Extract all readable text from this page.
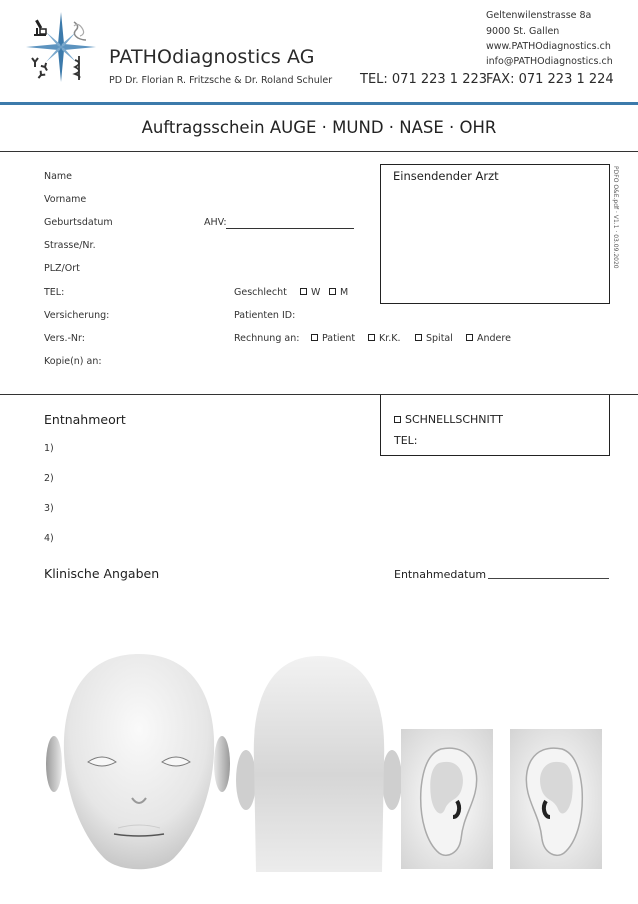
PATHOdiagnostics AG
PD Dr. Florian R. Fritzsche & Dr. Roland Schuler
Geltenwilenstrasse 8a
9000 St. Gallen
www.PATHOdiagnostics.ch
info@PATHOdiagnostics.ch
TEL: 071 223 1 223
FAX: 071 223 1 224
Auftragsschein AUGE · MUND · NASE · OHR
Name
Vorname
Geburtsdatum	AHV:
Strasse/Nr.
PLZ/Ort
TEL:
Versicherung:
Vers.-Nr:
Kopie(n) an:
Geschlecht	W	M
Patienten ID:
Rechnung an:	Patient	Kr.K.	Spital	Andere
Einsendender Arzt	PDFO O&E.pdf · V1.1 · 03.09.2020
Entnahmeort
1)
2)
3)
4)
SCHNELLSCHNITT
TEL:
Klinische Angaben	Entnahmedatum
